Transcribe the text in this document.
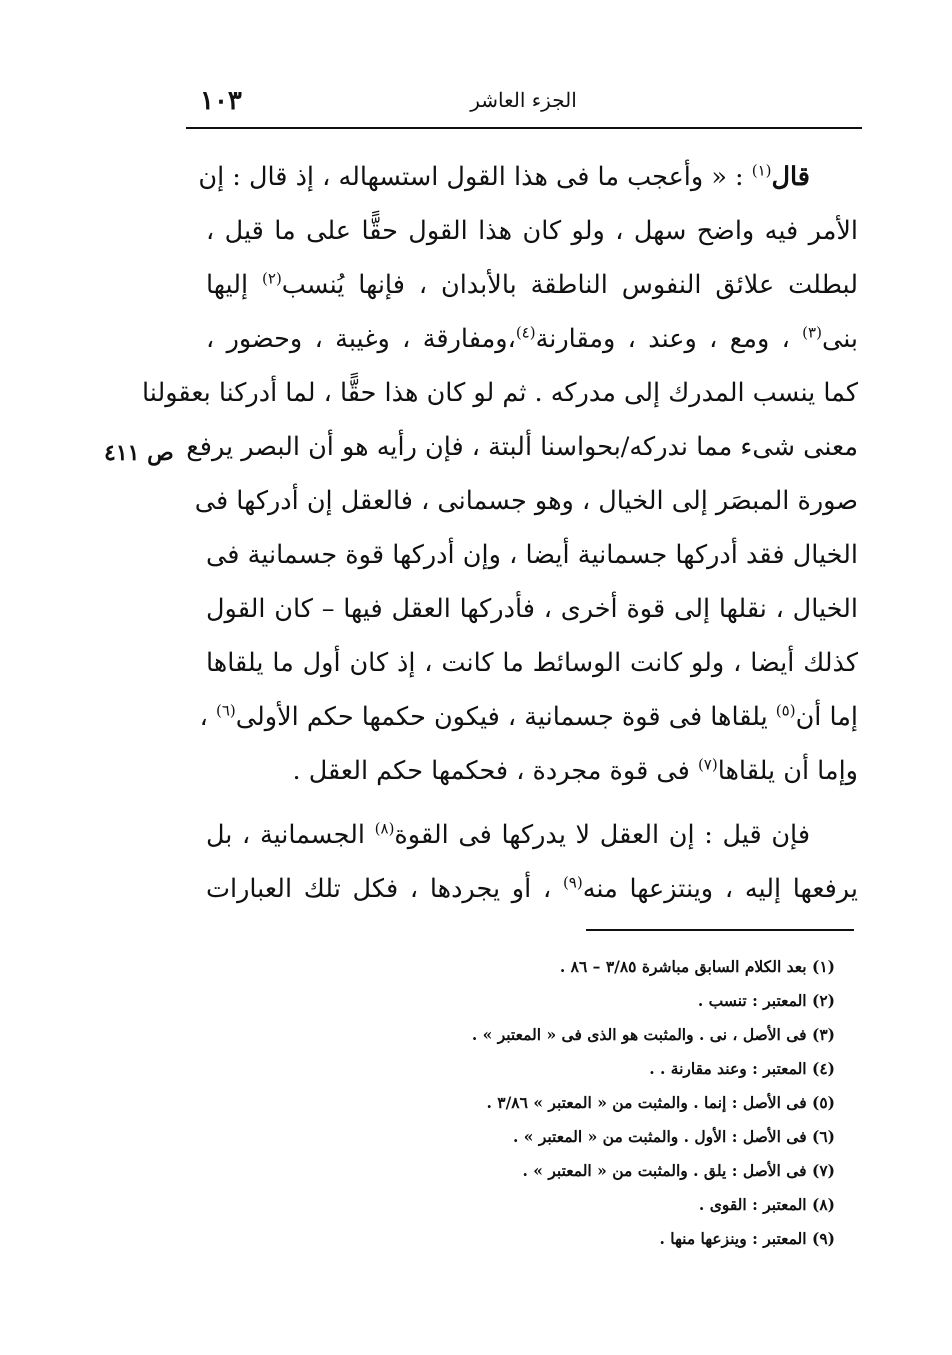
١٠٣	الجزء العاشر
ص ٤١١
قال$^{(١)}$ : « وأعجب ما فى هذا القول استسهاله ، إذ قال : إن
الأمر فيه واضح سهل ، ولو كان هذا القول حقًّا على ما قيل ،
لبطلت علائق النفوس الناطقة بالأبدان ، فإنها يُنسب$^{(٢)}$ إليها
بنى$^{(٣)}$ ، ومع ، وعند ، ومقارنة$^{(٤)}$،ومفارقة ، وغيبة ، وحضور ،
كما ينسب المدرك إلى مدركه . ثم لو كان هذا حقًّا ، لما أدركنا بعقولنا
معنى شىء مما ندركه/بحواسنا ألبتة ، فإن رأيه هو أن البصر يرفع
صورة المبصَر إلى الخيال ، وهو جسمانى ، فالعقل إن أدركها فى
الخيال فقد أدركها جسمانية أيضا ، وإن أدركها قوة جسمانية فى
الخيال ، نقلها إلى قوة أخرى ، فأدركها العقل فيها – كان القول
كذلك أيضا ، ولو كانت الوسائط ما كانت ، إذ كان أول ما يلقاها
إما أن$^{(٥)}$ يلقاها فى قوة جسمانية ، فيكون حكمها حكم الأولى$^{(٦)}$ ،
وإما أن يلقاها$^{(٧)}$ فى قوة مجردة ، فحكمها حكم العقل .
فإن قيل : إن العقل لا يدركها فى القوة$^{(٨)}$ الجسمانية ، بل
يرفعها إليه ، وينتزعها منه$^{(٩)}$ ، أو يجردها ، فكل تلك العبارات
(١) بعد الكلام السابق مباشرة ٣/٨٥ – ٨٦ .
(٢) المعتبر : تنسب .
(٣) فى الأصل ، نى . والمثبت هو الذى فى « المعتبر » .
(٤) المعتبر : وعند مقارنة . .
(٥) فى الأصل : إنما . والمثبت من « المعتبر » ٣/٨٦ .
(٦) فى الأصل : الأول . والمثبت من « المعتبر » .
(٧) فى الأصل : يلق . والمثبت من « المعتبر » .
(٨) المعتبر : القوى .
(٩) المعتبر : وينزعها منها .
